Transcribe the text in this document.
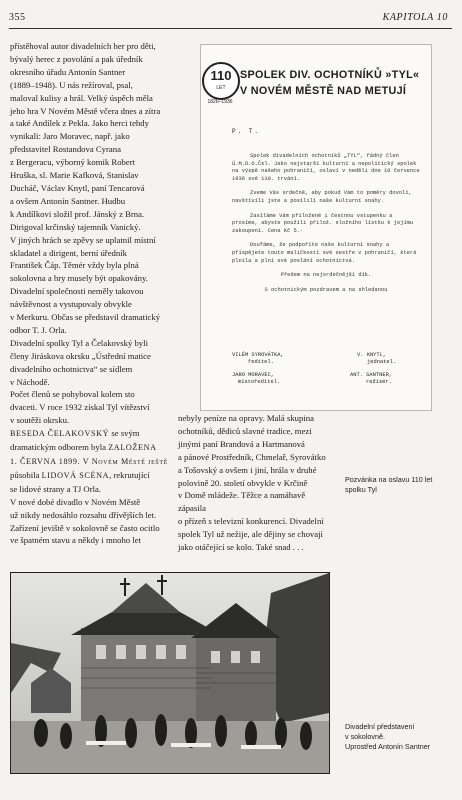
355	KAPITOLA 10

přístěhoval autor divadelních her pro děti,

bývalý herec z povolání a pak úředník

okresního úřadu Antonín Santner

(1889–1948). U nás režíroval, psal,

maloval kulisy a hrál. Velký úspěch měla

jeho hra V Novém Městě včera dnes a zítra

a také Andílek z Pekla. Jako herci tehdy

vynikali: Jaro Moravec, např. jako

představitel Rostandova Cyrana

z Bergeracu, výborný komik Robert

Hruška, sl. Marie Kafková, Stanislav

Ducháč, Václav Knytl, paní Tencarová

a ovšem Antonín Santner. Hudbu

k Andílkovi složil prof. Jánský z Brna.

Dirigoval krčinský tajemník Vanický.

V jiných hrách se zpěvy se uplatnil místní

skladatel a dirigent, berní úředník

František Čáp. Těmér vždy byla plná

sokolovna a hry musely být opakovány.

Divadelní společnosti neměly takovou

návštěvnost a vystupovaly obvykle

v Merkuru. Občas se představil dramatický

odbor T. J. Orla.

Divadelní spolky Tyl a Čelakovský byli

členy Jiráskova okrsku „Ústřední matice

divadelního ochotnictva“ se sídlem

v Náchodě.

Počet členů se pohyboval kolem sto

dvaceti. V roce 1932 získal Tyl vítězství

v soutěži okrsku.

BESEDA ČELAKOVSKÝ se svým

dramatickým odborem byla ZALOŽENA

1. ČERVNA 1899. V Novém Městě ještě

působila LIDOVÁ SCÉNA, rekrutující

se lidové strany a TJ Orla.

V nové dobé divadlo v Novém Městě

už nikdy nedosáhlo rozsahu dřívějších let.

Zařízení jeviště v sokolovně se často ocitlo

ve špatném stavu a někdy i mnoho let

110
LET
1826–1936
SPOLEK DIV. OCHOTNÍKŮ »TYL«
V NOVÉM MĚSTĚ NAD METUJÍ
P. T.

Spolek divadelních ochotníků „TYL“, řádný člen Ú.M.D.O.Čsl. Jako nejstarší kulturní a nepolitický spolek na výspě našeho pohraničí, oslaví v neděli dne 10 července 1936 své 110. trvání.

Zveme Vás srdečně, aby pokud Vám to poměry dovolí, navštívili jste a posílili naše kulturní snahy.

Zasíláme Vám přiložené i čestnou vstupenku a prosíme, abyste použili přilož. složního lístku k jejímu zakoupení. Cena Kč 5.-

Doufáme, že podpoříte naše kulturní snahy a přispějete touto maličkostí své sestře v pohraničí, která plnila a plní své poslání ochotnictva.

Předem na nejsrdečnější dík.

S ochotnickým pozdravem a na shledanou

VILÉM SYROVÁTKA,
ředitel.
V. KNYTL,
jednatel.
JARO MORAVEC,
místoředitel.
ANT. SANTNER,
režisér.

nebyly peníze na opravy. Malá skupina

ochotníků, dědiců slavné tradice, mezi

jinými paní Brandová a Hartmanová

a pánové Prostředník, Chmelař, Syrovátko

a Tošovský a ovšem i jiní, hrála v druhé

polovině 20. století obvykle v Krčině

v Domě mládeže. Těžce a namáhavě zápasila

o přízeň s televizní konkurencí. Divadelní

spolek Tyl už nežije, ale dějiny se chovají

jako otáčející se kolo. Také snad . . .

Pozvánka na oslavu 110 let spolku Tyl
Divadelní představení
v sokolovně.
Uprostřed Antonín Santner
